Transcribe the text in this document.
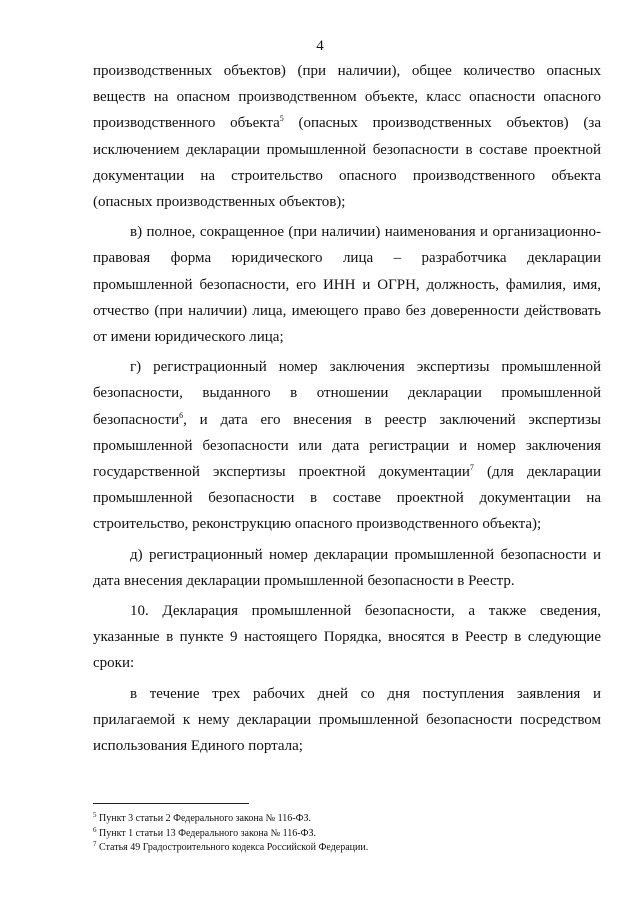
4

производственных объектов) (при наличии), общее количество опасных веществ на опасном производственном объекте, класс опасности опасного производственного объекта$^5$ (опасных производственных объектов) (за исключением декларации промышленной безопасности в составе проектной документации на строительство опасного производственного объекта (опасных производственных объектов);

в) полное, сокращенное (при наличии) наименования и организационно-правовая форма юридического лица – разработчика декларации промышленной безопасности, его ИНН и ОГРН, должность, фамилия, имя, отчество (при наличии) лица, имеющего право без доверенности действовать от имени юридического лица;

г) регистрационный номер заключения экспертизы промышленной безопасности, выданного в отношении декларации промышленной безопасности$^6$, и дата его внесения в реестр заключений экспертизы промышленной безопасности или дата регистрации и номер заключения государственной экспертизы проектной документации$^7$ (для декларации промышленной безопасности в составе проектной документации на строительство, реконструкцию опасного производственного объекта);

д) регистрационный номер декларации промышленной безопасности и дата внесения декларации промышленной безопасности в Реестр.

10. Декларация промышленной безопасности, а также сведения, указанные в пункте 9 настоящего Порядка, вносятся в Реестр в следующие сроки:

в течение трех рабочих дней со дня поступления заявления и прилагаемой к нему декларации промышленной безопасности посредством использования Единого портала;

$^5$ Пункт 3 статьи 2 Федерального закона № 116-ФЗ.

$^6$ Пункт 1 статьи 13 Федерального закона № 116-ФЗ.

$^7$ Статья 49 Градостроительного кодекса Российской Федерации.
